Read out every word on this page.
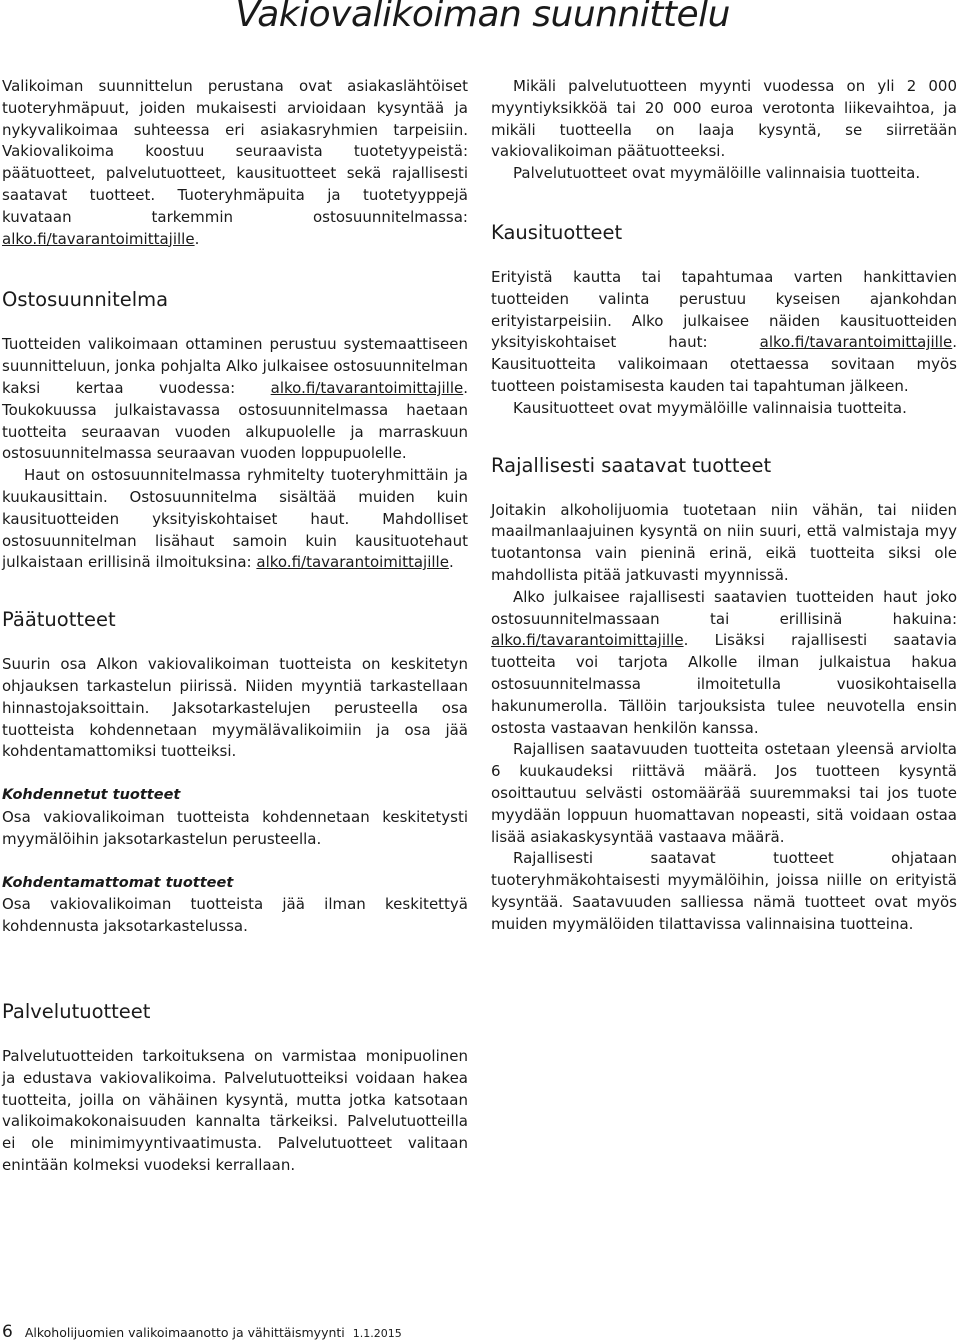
Vakiovalikoiman suunnittelu

Valikoiman suunnittelun perustana ovat asiakaslähtöiset tuoteryhmäpuut, joiden mukaisesti arvioidaan kysyntää ja nykyvalikoimaa suhteessa eri asiakasryhmien tarpeisiin. Vakiovalikoima koostuu seuraavista tuotetyypeistä: päätuotteet, palvelutuotteet, kausituotteet sekä rajallisesti saatavat tuotteet. Tuoteryhmäpuita ja tuotetyyppejä kuvataan tarkemmin ostosuunnitelmassa: alko.fi/tavarantoimittajille.

Ostosuunnitelma

Tuotteiden valikoimaan ottaminen perustuu systemaattiseen suunnitteluun, jonka pohjalta Alko julkaisee ostosuunnitelman kaksi kertaa vuodessa: alko.fi/tavarantoimittajille. Toukokuussa julkaistavassa ostosuunnitelmassa haetaan tuotteita seuraavan vuoden alkupuolelle ja marraskuun ostosuunnitelmassa seuraavan vuoden loppupuolelle.

Haut on ostosuunnitelmassa ryhmitelty tuoteryhmittäin ja kuukausittain. Ostosuunnitelma sisältää muiden kuin kausituotteiden yksityiskohtaiset haut. Mahdolliset ostosuunnitelman lisähaut samoin kuin kausituotehaut julkaistaan erillisinä ilmoituksina: alko.fi/tavarantoimittajille.

Päätuotteet

Suurin osa Alkon vakiovalikoiman tuotteista on keskitetyn ohjauksen tarkastelun piirissä. Niiden myyntiä tarkastellaan hinnastojaksoittain. Jaksotarkastelujen perusteella osa tuotteista kohdennetaan myymälävalikoimiin ja osa jää kohdentamattomiksi tuotteiksi.

Kohdennetut tuotteet

Osa vakiovalikoiman tuotteista kohdennetaan keskitetysti myymälöihin jaksotarkastelun perusteella.

Kohdentamattomat tuotteet

Osa vakiovalikoiman tuotteista jää ilman keskitettyä kohdennusta jaksotarkastelussa.

Mikäli palvelutuotteen myynti vuodessa on yli 2 000 myyntiyksikköä tai 20 000 euroa verotonta liikevaihtoa, ja mikäli tuotteella on laaja kysyntä, se siirretään vakiovalikoiman päätuotteeksi.

Palvelutuotteet ovat myymälöille valinnaisia tuotteita.

Kausituotteet

Erityistä kautta tai tapahtumaa varten hankittavien tuotteiden valinta perustuu kyseisen ajankohdan erityistarpeisiin. Alko julkaisee näiden kausituotteiden yksityiskohtaiset haut: alko.fi/tavarantoimittajille. Kausituotteita valikoimaan otettaessa sovitaan myös tuotteen poistamisesta kauden tai tapahtuman jälkeen.

Kausituotteet ovat myymälöille valinnaisia tuotteita.

Rajallisesti saatavat tuotteet

Joitakin alkoholijuomia tuotetaan niin vähän, tai niiden maailmanlaajuinen kysyntä on niin suuri, että valmistaja myy tuotantonsa vain pieninä erinä, eikä tuotteita siksi ole mahdollista pitää jatkuvasti myynnissä.

Alko julkaisee rajallisesti saatavien tuotteiden haut joko ostosuunnitelmassaan tai erillisinä hakuina: alko.fi/tavarantoimittajille. Lisäksi rajallisesti saatavia tuotteita voi tarjota Alkolle ilman julkaistua hakua ostosuunnitelmassa ilmoitetulla vuosikohtaisella hakunumerolla. Tällöin tarjouksista tulee neuvotella ensin ostosta vastaavan henkilön kanssa.

Rajallisen saatavuuden tuotteita ostetaan yleensä arviolta 6 kuukaudeksi riittävä määrä. Jos tuotteen kysyntä osoittautuu selvästi ostomäärää suuremmaksi tai jos tuote myydään loppuun huomattavan nopeasti, sitä voidaan ostaa lisää asiakaskysyntää vastaava määrä.

Rajallisesti saatavat tuotteet ohjataan tuoteryhmäkohtaisesti myymälöihin, joissa niille on erityistä kysyntää. Saatavuuden salliessa nämä tuotteet ovat myös muiden myymälöiden tilattavissa valinnaisina tuotteina.

Palvelutuotteet

Palvelutuotteiden tarkoituksena on varmistaa monipuolinen ja edustava vakiovalikoima. Palvelutuotteiksi voidaan hakea tuotteita, joilla on vähäinen kysyntä, mutta jotka katsotaan valikoimakokonaisuuden kannalta tärkeiksi. Palvelutuotteilla ei ole minimimyyntivaatimusta. Palvelutuotteet valitaan enintään kolmeksi vuodeksi kerrallaan.

6 Alkoholijuomien valikoimaanotto ja vähittäismyynti 1.1.2015
